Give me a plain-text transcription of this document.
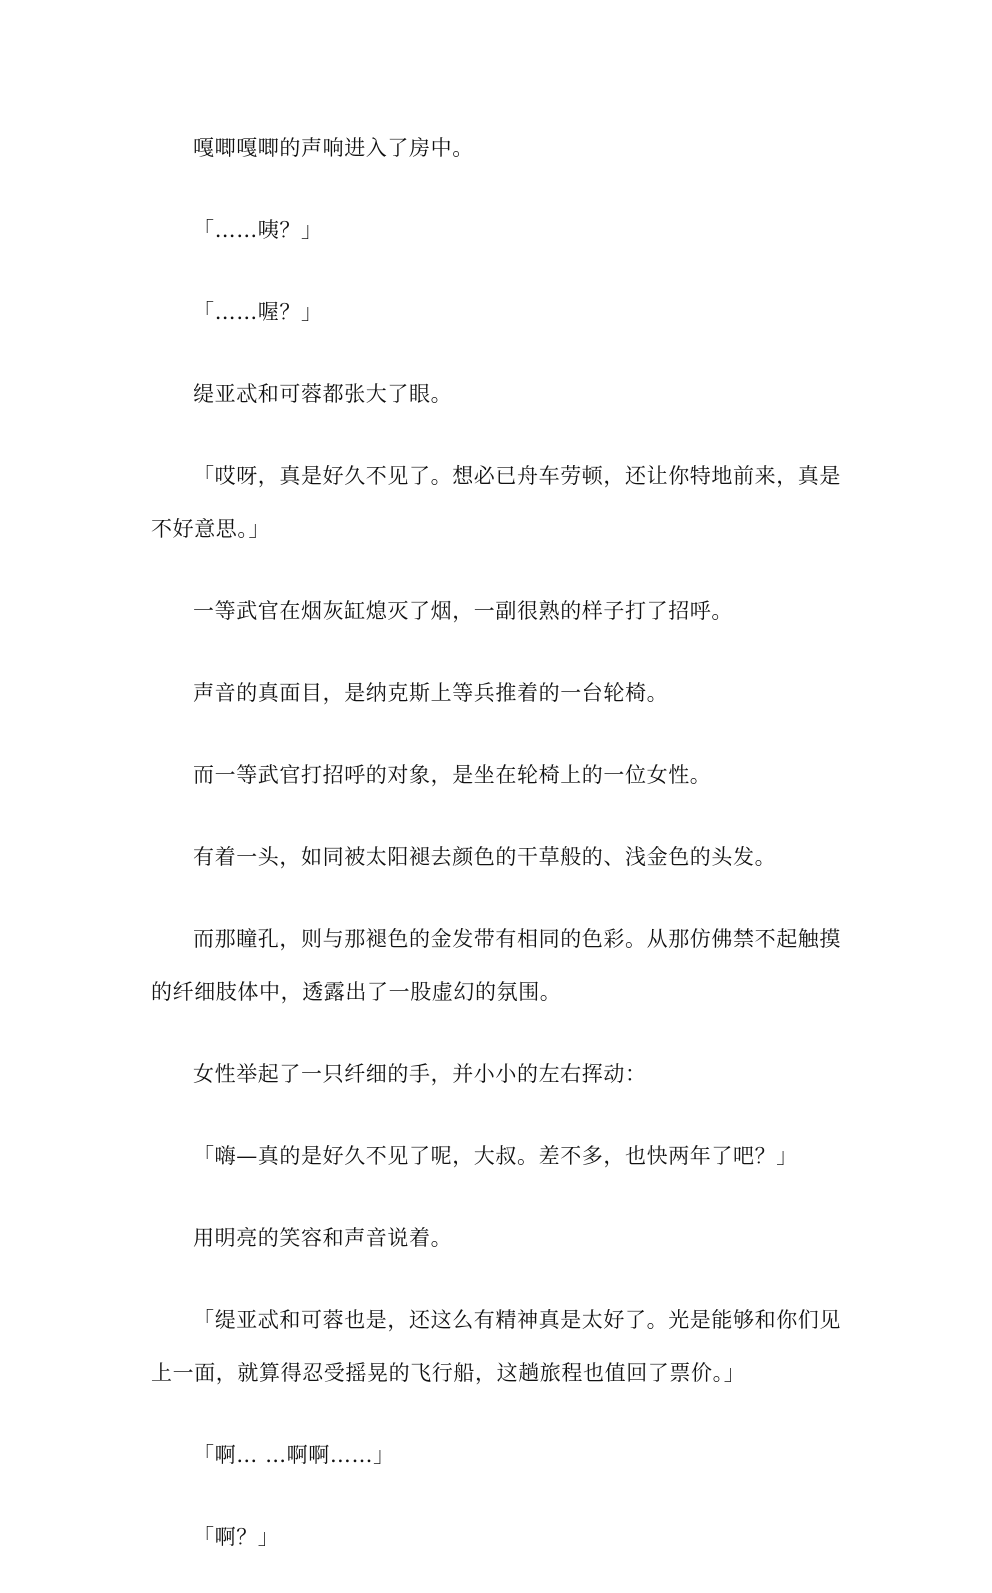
嘎唧嘎唧的声响进入了房中。

「……咦？」

「……喔？」

缇亚忒和可蓉都张大了眼。

「哎呀，真是好久不见了。想必已舟车劳顿，还让你特地前来，真是不好意思。」

一等武官在烟灰缸熄灭了烟，一副很熟的样子打了招呼。

声音的真面目，是纳克斯上等兵推着的一台轮椅。

而一等武官打招呼的对象，是坐在轮椅上的一位女性。

有着一头，如同被太阳褪去颜色的干草般的、浅金色的头发。

而那瞳孔，则与那褪色的金发带有相同的色彩。从那仿佛禁不起触摸的纤细肢体中，透露出了一股虚幻的氛围。

女性举起了一只纤细的手，并小小的左右挥动：

「嗨—真的是好久不见了呢，大叔。差不多，也快两年了吧？」

用明亮的笑容和声音说着。

「缇亚忒和可蓉也是，还这么有精神真是太好了。光是能够和你们见上一面，就算得忍受摇晃的飞行船，这趟旅程也值回了票价。」

「啊… …啊啊……」

「啊？」
